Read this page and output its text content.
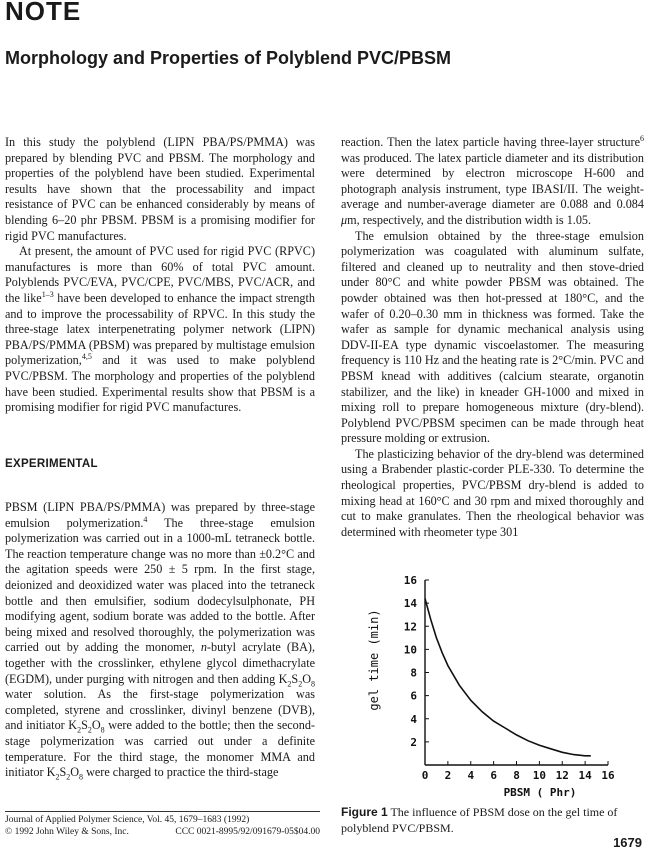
NOTE
Morphology and Properties of Polyblend PVC/PBSM

In this study the polyblend (LIPN PBA/PS/PMMA) was prepared by blending PVC and PBSM. The morphology and properties of the polyblend have been studied. Experimental results have shown that the processability and impact resistance of PVC can be enhanced considerably by means of blending 6–20 phr PBSM. PBSM is a promising modifier for rigid PVC manufactures.

At present, the amount of PVC used for rigid PVC (RPVC) manufactures is more than 60% of total PVC amount. Polyblends PVC/EVA, PVC/CPE, PVC/MBS, PVC/ACR, and the like$^{1-3}$ have been developed to enhance the impact strength and to improve the processability of RPVC. In this study the three-stage latex interpenetrating polymer network (LIPN) PBA/PS/PMMA (PBSM) was prepared by multistage emulsion polymerization,$^{4,5}$ and it was used to make polyblend PVC/PBSM. The morphology and properties of the polyblend have been studied. Experimental results show that PBSM is a promising modifier for rigid PVC manufactures.

EXPERIMENTAL

PBSM (LIPN PBA/PS/PMMA) was prepared by three-stage emulsion polymerization.$^4$ The three-stage emulsion polymerization was carried out in a 1000-mL tetraneck bottle. The reaction temperature change was no more than ±0.2°C and the agitation speeds were 250 ± 5 rpm. In the first stage, deionized and deoxidized water was placed into the tetraneck bottle and then emulsifier, sodium dodecylsulphonate, PH modifying agent, sodium borate was added to the bottle. After being mixed and resolved thoroughly, the polymerization was carried out by adding the monomer, n-butyl acrylate (BA), together with the crosslinker, ethylene glycol dimethacrylate (EGDM), under purging with nitrogen and then adding $K_2S_2O_8$ water solution. As the first-stage polymerization was completed, styrene and crosslinker, divinyl benzene (DVB), and initiator $K_2S_2O_8$ were added to the bottle; then the second-stage polymerization was carried out under a definite temperature. For the third stage, the monomer MMA and initiator $K_2S_2O_8$ were charged to practice the third-stage

reaction. Then the latex particle having three-layer structure$^6$ was produced. The latex particle diameter and its distribution were determined by electron microscope H-600 and photograph analysis instrument, type IBASI/II. The weight-average and number-average diameter are 0.088 and 0.084 μm, respectively, and the distribution width is 1.05.

The emulsion obtained by the three-stage emulsion polymerization was coagulated with aluminum sulfate, filtered and cleaned up to neutrality and then stove-dried under 80°C and white powder PBSM was obtained. The powder obtained was then hot-pressed at 180°C, and the wafer of 0.20–0.30 mm in thickness was formed. Take the wafer as sample for dynamic mechanical analysis using DDV-II-EA type dynamic viscoelastomer. The measuring frequency is 110 Hz and the heating rate is 2°C/min. PVC and PBSM knead with additives (calcium stearate, organotin stabilizer, and the like) in kneader GH-1000 and mixed in mixing roll to prepare homogeneous mixture (dry-blend). Polyblend PVC/PBSM specimen can be made through heat pressure molding or extrusion.

The plasticizing behavior of the dry-blend was determined using a Brabender plastic-corder PLE-330. To determine the rheological properties, PVC/PBSM dry-blend is added to mixing head at 160°C and 30 rpm and mixed thoroughly and cut to make granulates. Then the rheological behavior was determined with rheometer type 301

0 2 4 6 8 10 12 14 16
2
4
6
8
10
12
14
16
gel time (min)
PBSM ( Phr)
Figure 1 The influence of PBSM dose on the gel time of polyblend PVC/PBSM.
Journal of Applied Polymer Science, Vol. 45, 1679–1683 (1992)
© 1992 John Wiley & Sons, Inc.	CCC 0021-8995/92/091679-05$04.00
1679
